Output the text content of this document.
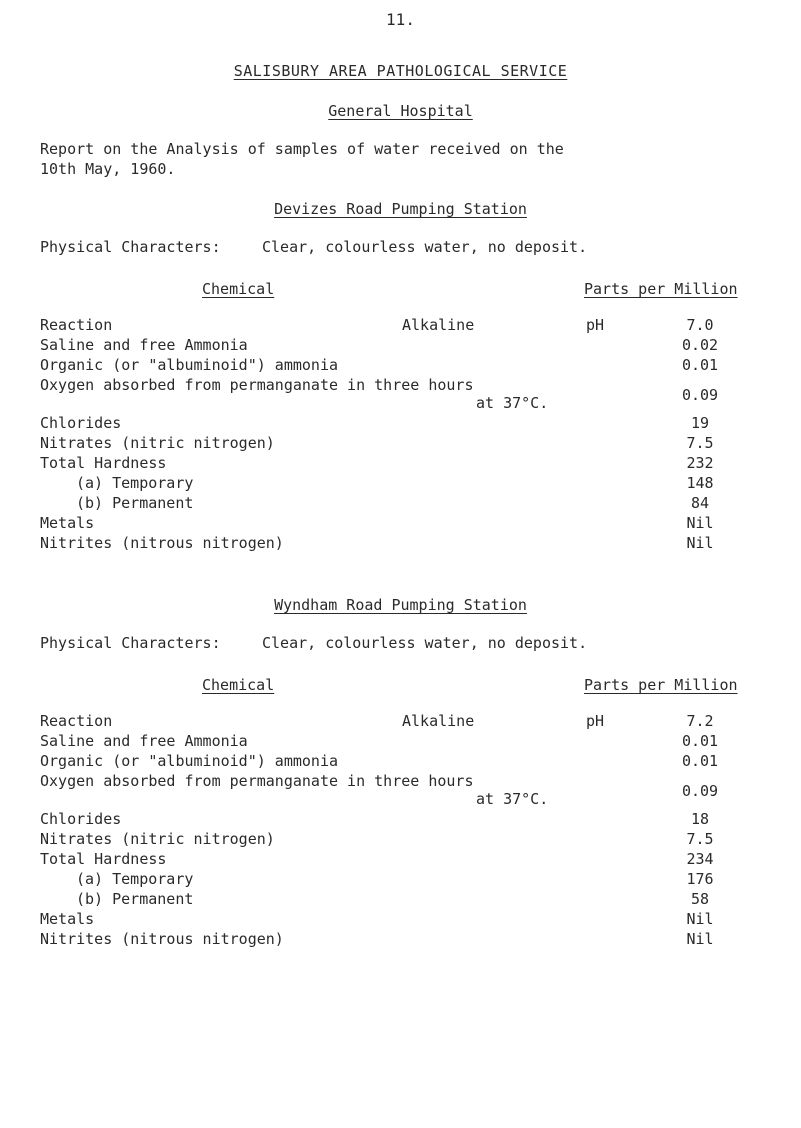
11.
SALISBURY AREA PATHOLOGICAL SERVICE
General Hospital
Report on the Analysis of samples of water received on the
10th May, 1960.
Devizes Road Pumping Station
Physical Characters:	Clear, colourless water, no deposit.
Chemical	Parts per Million
Reaction	Alkaline	pH	7.0
Saline and free Ammonia	0.02
Organic (or "albuminoid") ammonia	0.01
Oxygen absorbed from permanganate in three hours
at 37°C.	0.09
Chlorides	19
Nitrates (nitric nitrogen)	7.5
Total Hardness	232
(a) Temporary	148
(b) Permanent	84
Metals	Nil
Nitrites (nitrous nitrogen)	Nil
Wyndham Road Pumping Station
Physical Characters:	Clear, colourless water, no deposit.
Chemical	Parts per Million
Reaction	Alkaline	pH	7.2
Saline and free Ammonia	0.01
Organic (or "albuminoid") ammonia	0.01
Oxygen absorbed from permanganate in three hours
at 37°C.	0.09
Chlorides	18
Nitrates (nitric nitrogen)	7.5
Total Hardness	234
(a) Temporary	176
(b) Permanent	58
Metals	Nil
Nitrites (nitrous nitrogen)	Nil
